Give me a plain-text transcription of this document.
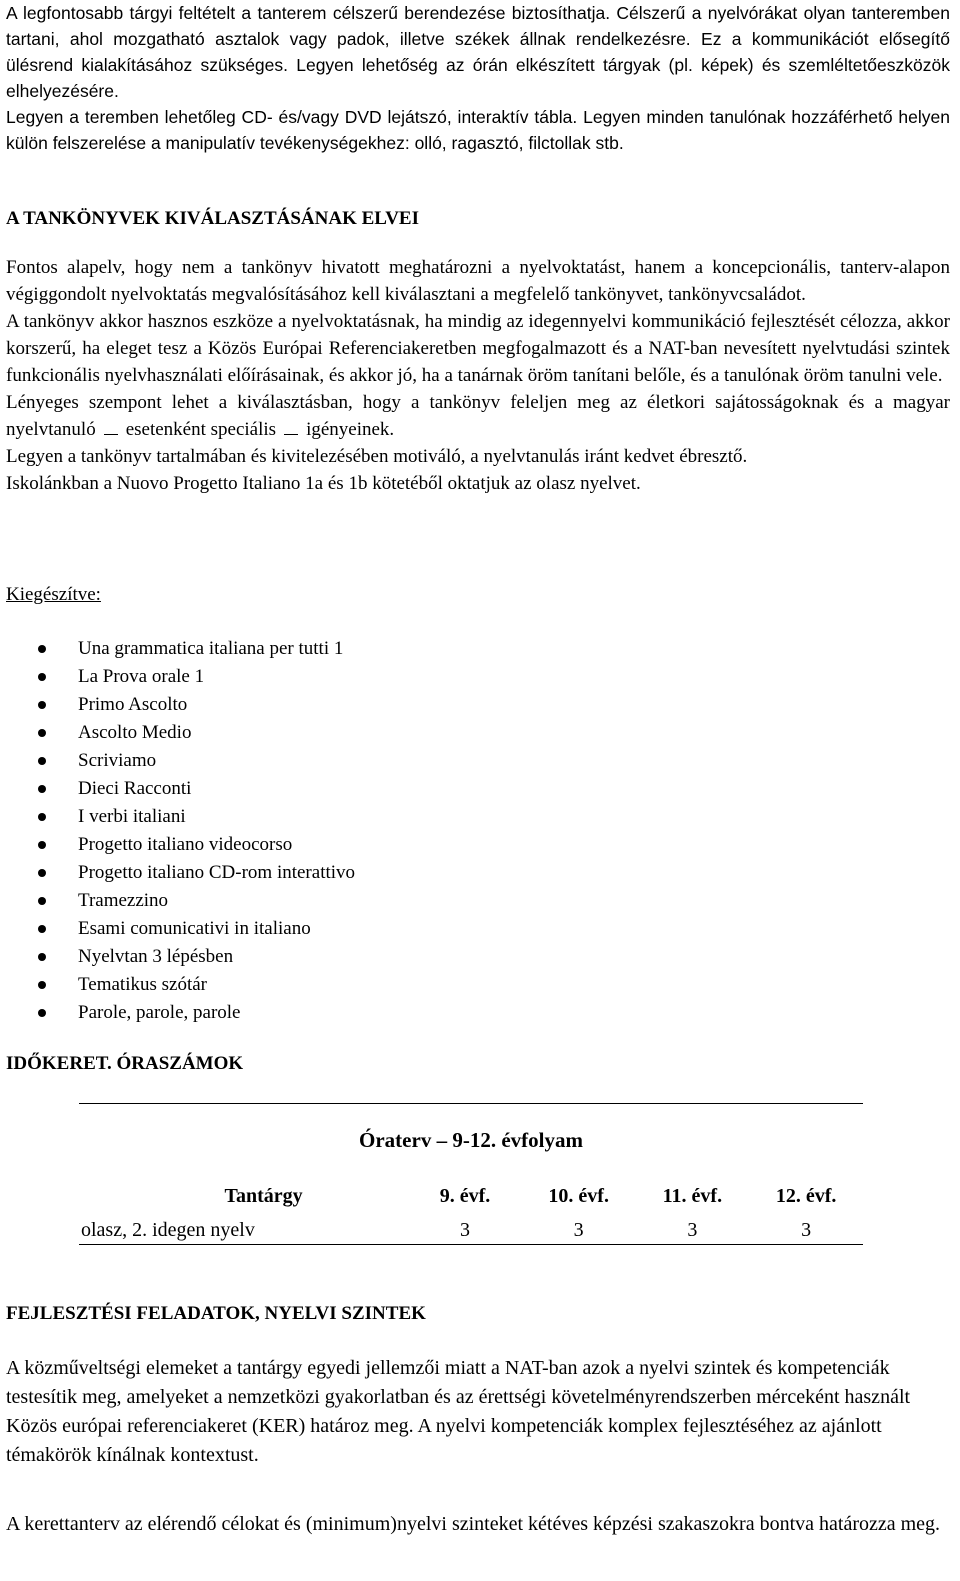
A legfontosabb tárgyi feltételt a tanterem célszerű berendezése biztosíthatja. Célszerű a nyelvórákat olyan tanteremben tartani, ahol mozgatható asztalok vagy padok, illetve székek állnak rendelkezésre. Ez a kommunikációt elősegítő ülésrend kialakításához szükséges. Legyen lehetőség az órán elkészített tárgyak (pl. képek) és szemléltetőeszközök elhelyezésére.

Legyen a teremben lehetőleg CD- és/vagy DVD lejátszó, interaktív tábla. Legyen minden tanulónak hozzáférhető helyen külön felszerelése a manipulatív tevékenységekhez: olló, ragasztó, filctollak stb.

A TANKÖNYVEK KIVÁLASZTÁSÁNAK ELVEI

Fontos alapelv, hogy nem a tankönyv hivatott meghatározni a nyelvoktatást, hanem a koncepcionális, tanterv-alapon végiggondolt nyelvoktatás megvalósításához kell kiválasztani a megfelelő tankönyvet, tankönyvcsaládot.

A tankönyv akkor hasznos eszköze a nyelvoktatásnak, ha mindig az idegennyelvi kommunikáció fejlesztését célozza, akkor korszerű, ha eleget tesz a Közös Európai Referenciakeretben megfogalmazott és a NAT-ban nevesített nyelvtudási szintek funkcionális nyelvhasználati előírásainak, és akkor jó, ha a tanárnak öröm tanítani belőle, és a tanulónak öröm tanulni vele.

Lényeges szempont lehet a kiválasztásban, hogy a tankönyv feleljen meg az életkori sajátosságoknak és a magyar nyelvtanuló esetenként speciális igényeinek.

Legyen a tankönyv tartalmában és kivitelezésében motiváló, a nyelvtanulás iránt kedvet ébresztő.

Iskolánkban a Nuovo Progetto Italiano 1a és 1b kötetéből oktatjuk az olasz nyelvet.

Kiegészítve:

Una grammatica italiana per tutti 1
La Prova orale 1
Primo Ascolto
Ascolto Medio
Scriviamo
Dieci Racconti
I verbi italiani
Progetto italiano videocorso
Progetto italiano CD-rom interattivo
Tramezzino
Esami comunicativi in italiano
Nyelvtan 3 lépésben
Tematikus szótár
Parole, parole, parole

IDŐKERET. ÓRASZÁMOK

Óraterv – 9-12. évfolyam				
Tantárgy	9. évf.	10. évf.	11. évf.	12. évf.
olasz, 2. idegen nyelv	3	3	3	3

FEJLESZTÉSI FELADATOK, NYELVI SZINTEK

A közműveltségi elemeket a tantárgy egyedi jellemzői miatt a NAT-ban azok a nyelvi szintek és kompetenciák testesítik meg, amelyeket a nemzetközi gyakorlatban és az érettségi követelményrendszerben mérceként használt Közös európai referenciakeret (KER) határoz meg. A nyelvi kompetenciák komplex fejlesztéséhez az ajánlott témakörök kínálnak kontextust.

A kerettanterv az elérendő célokat és (minimum)nyelvi szinteket kétéves képzési szakaszokra bontva határozza meg.
